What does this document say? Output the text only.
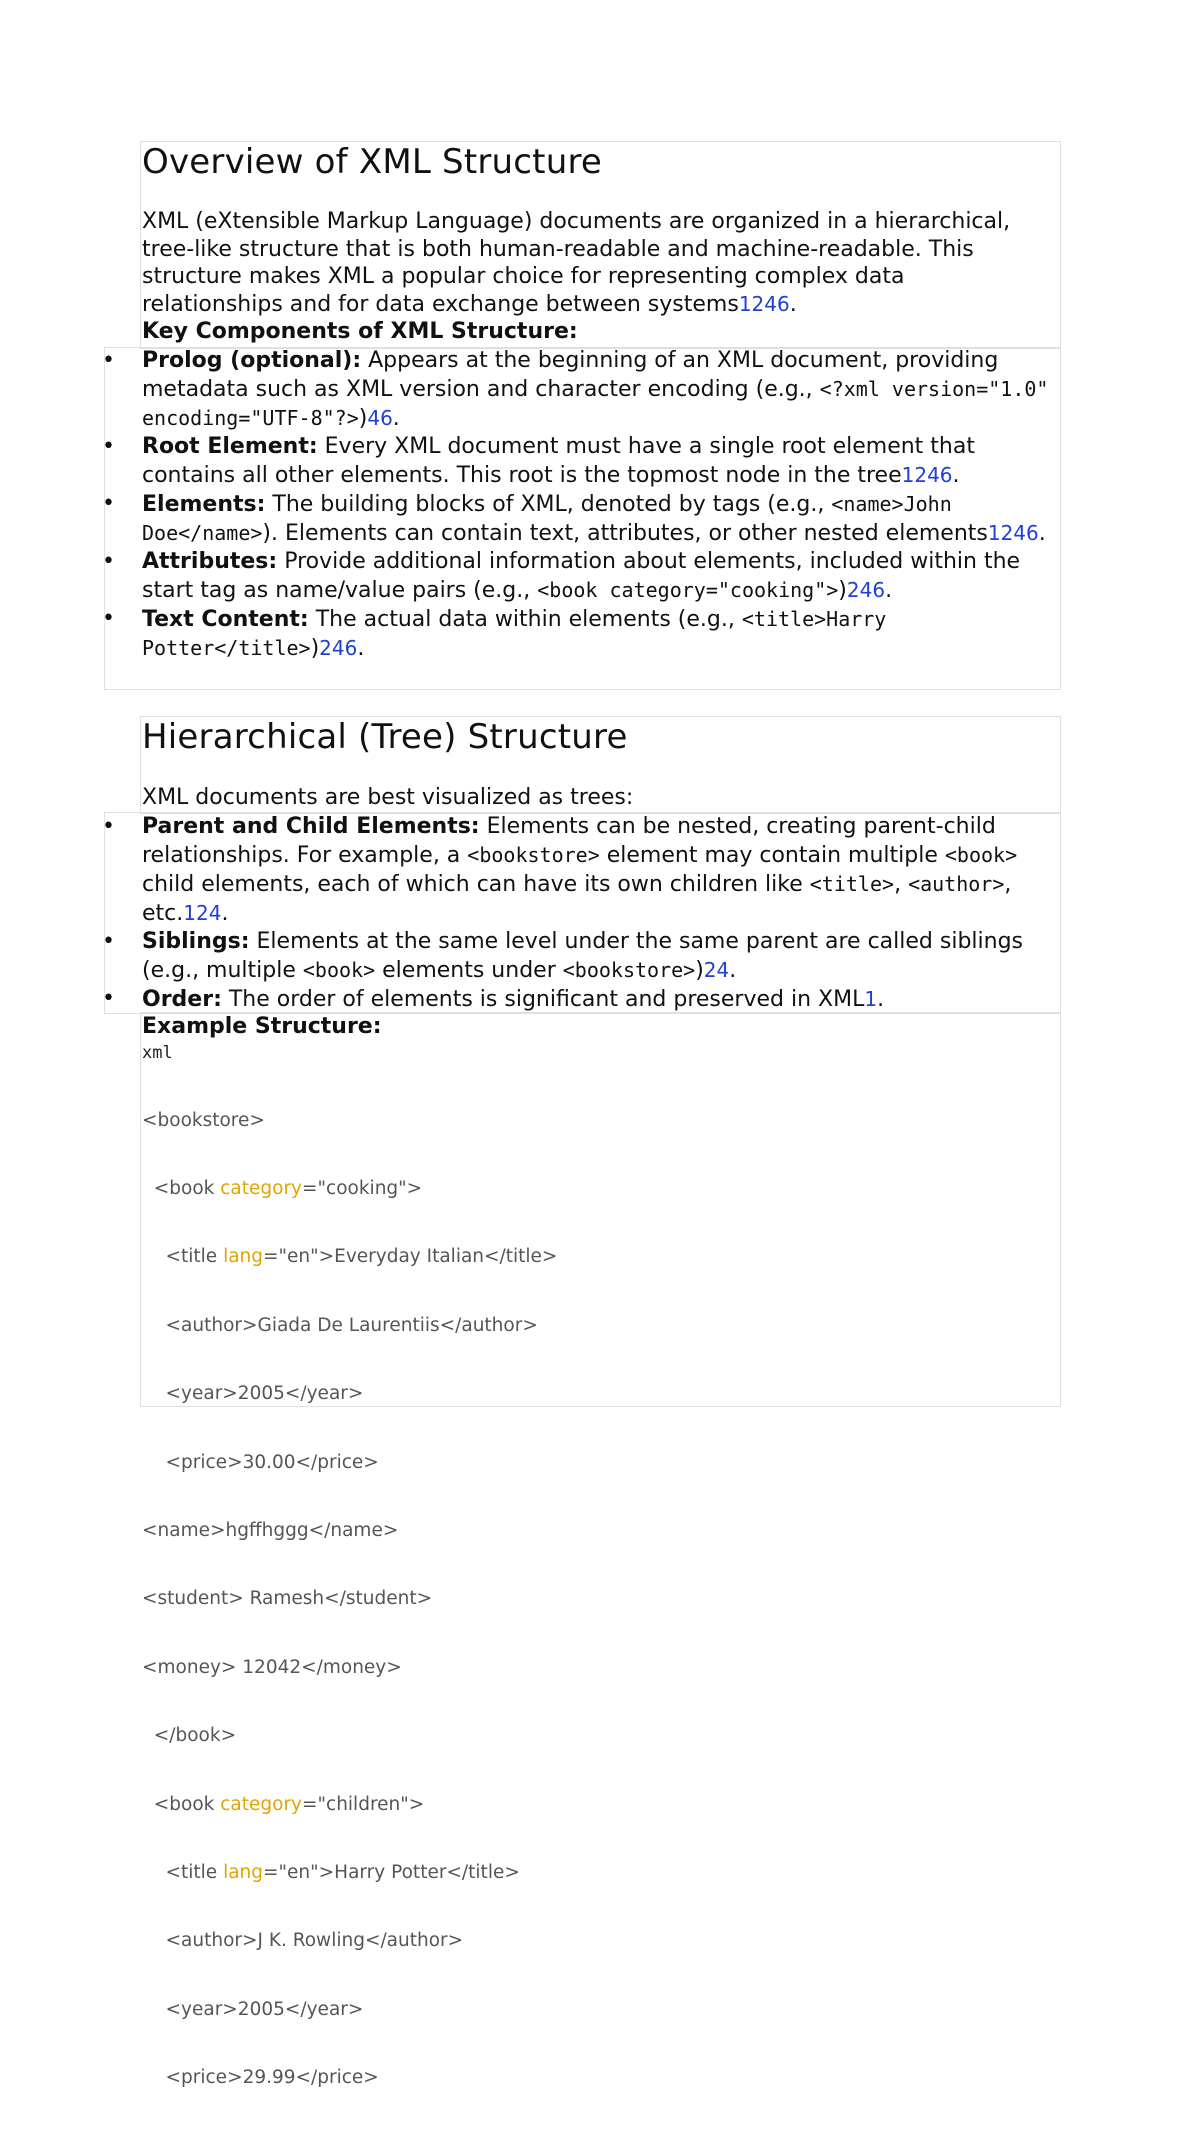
Overview of XML Structure
XML (eXtensible Markup Language) documents are organized in a hierarchical, tree-like structure that is both human-readable and machine-readable. This structure makes XML a popular choice for representing complex data relationships and for data exchange between systems1246.
Key Components of XML Structure:
• Prolog (optional): Appears at the beginning of an XML document, providing metadata such as XML version and character encoding (e.g., <?xml version="1.0" encoding="UTF-8"?>)46.
• Root Element: Every XML document must have a single root element that contains all other elements. This root is the topmost node in the tree1246.
• Elements: The building blocks of XML, denoted by tags (e.g., <name>John Doe</name>). Elements can contain text, attributes, or other nested elements1246.
• Attributes: Provide additional information about elements, included within the start tag as name/value pairs (e.g., <book category="cooking">)246.
• Text Content: The actual data within elements (e.g., <title>Harry Potter</title>)246.
Hierarchical (Tree) Structure
XML documents are best visualized as trees:
• Parent and Child Elements: Elements can be nested, creating parent-child relationships. For example, a <bookstore> element may contain multiple <book> child elements, each of which can have its own children like <title>, <author>, etc.124.
• Siblings: Elements at the same level under the same parent are called siblings (e.g., multiple <book> elements under <bookstore>)24.
• Order: The order of elements is significant and preserved in XML1.
Example Structure:
xml

<bookstore>

<book category="cooking">

<title lang="en">Everyday Italian</title>

<author>Giada De Laurentiis</author>

<year>2005</year>

<price>30.00</price>

<name>hgffhggg</name>

<student> Ramesh</student>

<money> 12042</money>

</book>

<book category="children">

<title lang="en">Harry Potter</title>

<author>J K. Rowling</author>

<year>2005</year>

<price>29.99</price>
